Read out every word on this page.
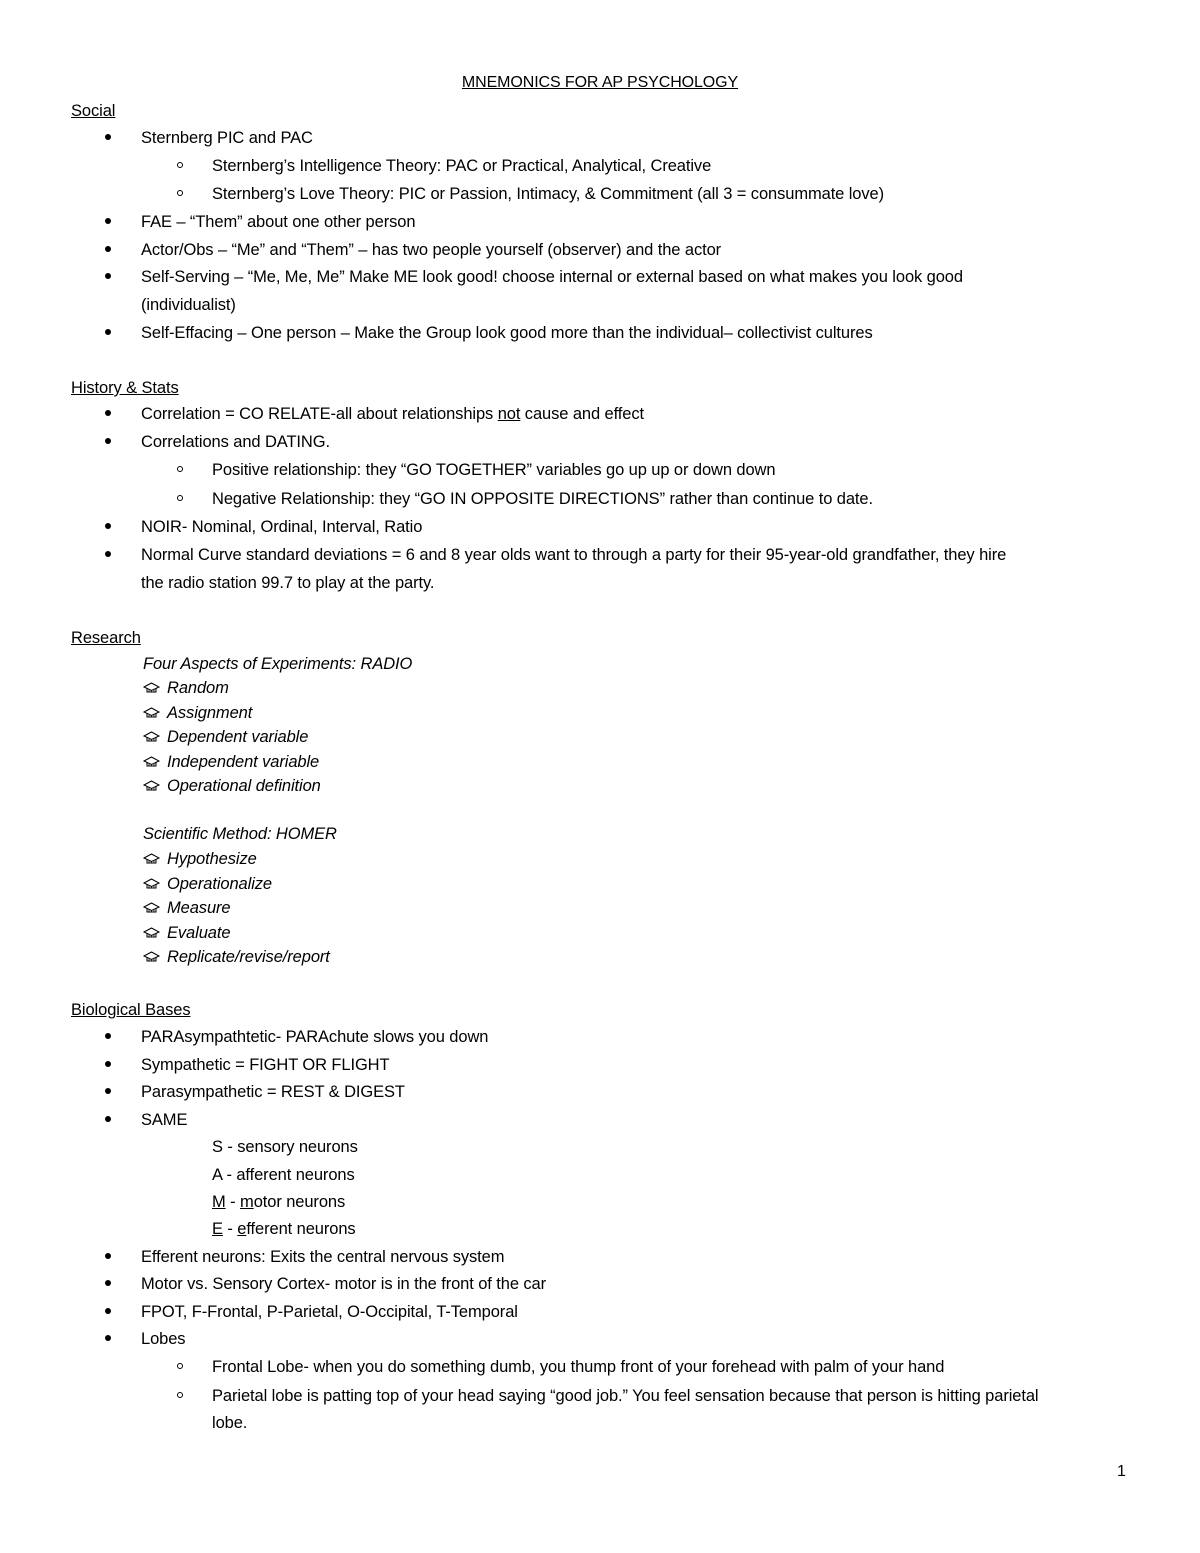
MNEMONICS FOR AP PSYCHOLOGY
Social
Sternberg PIC and PAC
Sternberg’s Intelligence Theory: PAC or Practical, Analytical, Creative
Sternberg’s Love Theory: PIC or Passion, Intimacy, & Commitment (all 3 = consummate love)
FAE – “Them” about one other person
Actor/Obs – “Me” and “Them” – has two people yourself (observer) and the actor
Self-Serving – “Me, Me, Me” Make ME look good! choose internal or external based on what makes you look good
(individualist)
Self-Effacing – One person – Make the Group look good more than the individual– collectivist cultures
History & Stats
Correlation = CO RELATE-all about relationships not cause and effect
Correlations and DATING.
Positive relationship: they “GO TOGETHER” variables go up up or down down
Negative Relationship: they “GO IN OPPOSITE DIRECTIONS” rather than continue to date.
NOIR- Nominal, Ordinal, Interval, Ratio
Normal Curve standard deviations = 6 and 8 year olds want to through a party for their 95-year-old grandfather, they hire
the radio station 99.7 to play at the party.
Research
Four Aspects of Experiments: RADIO
Random
Assignment
Dependent variable
Independent variable
Operational definition
Scientific Method: HOMER
Hypothesize
Operationalize
Measure
Evaluate
Replicate/revise/report
Biological Bases
PARAsympathtetic- PARAchute slows you down
Sympathetic = FIGHT OR FLIGHT
Parasympathetic = REST & DIGEST
SAME
S - sensory neurons
A - afferent neurons
M - motor neurons
E - efferent neurons
Efferent neurons: Exits the central nervous system
Motor vs. Sensory Cortex- motor is in the front of the car
FPOT, F-Frontal, P-Parietal, O-Occipital, T-Temporal
Lobes
Frontal Lobe- when you do something dumb, you thump front of your forehead with palm of your hand
Parietal lobe is patting top of your head saying “good job.” You feel sensation because that person is hitting parietal
lobe.
1
